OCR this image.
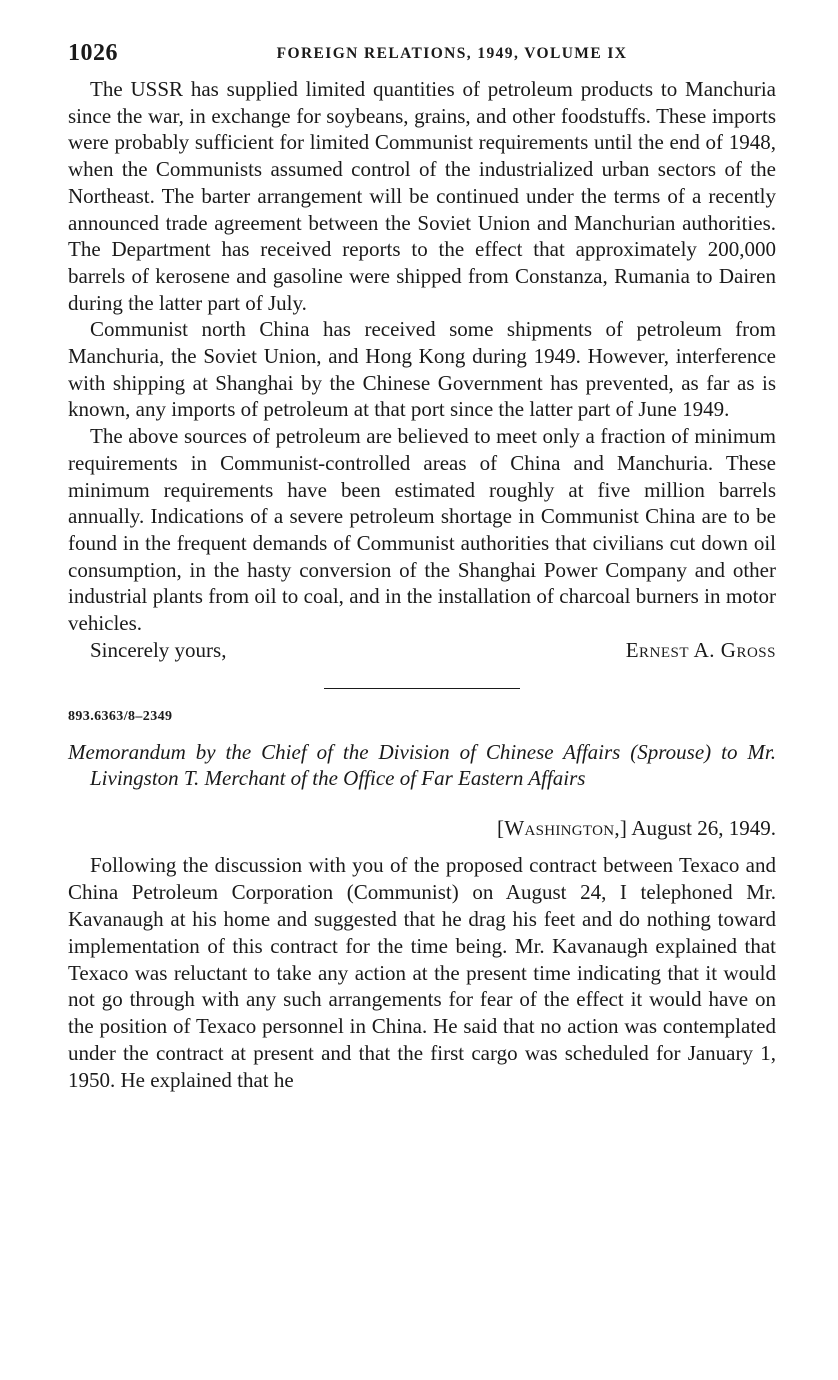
1026	FOREIGN RELATIONS, 1949, VOLUME IX

The USSR has supplied limited quantities of petroleum products to Manchuria since the war, in exchange for soybeans, grains, and other foodstuffs. These imports were probably sufficient for limited Communist requirements until the end of 1948, when the Communists assumed control of the industrialized urban sectors of the Northeast. The barter arrangement will be continued under the terms of a recently announced trade agreement between the Soviet Union and Manchurian authorities. The Department has received reports to the effect that approximately 200,000 barrels of kerosene and gasoline were shipped from Constanza, Rumania to Dairen during the latter part of July.

Communist north China has received some shipments of petroleum from Manchuria, the Soviet Union, and Hong Kong during 1949. However, interference with shipping at Shanghai by the Chinese Government has prevented, as far as is known, any imports of petroleum at that port since the latter part of June 1949.

The above sources of petroleum are believed to meet only a fraction of minimum requirements in Communist-controlled areas of China and Manchuria. These minimum requirements have been estimated roughly at five million barrels annually. Indications of a severe petroleum shortage in Communist China are to be found in the frequent demands of Communist authorities that civilians cut down oil consumption, in the hasty conversion of the Shanghai Power Company and other industrial plants from oil to coal, and in the installation of charcoal burners in motor vehicles.

Sincerely yours,	Ernest A. Gross
893.6363/8–2349

Memorandum by the Chief of the Division of Chinese Affairs (Sprouse) to Mr. Livingston T. Merchant of the Office of Far Eastern Affairs

[Washington,] August 26, 1949.

Following the discussion with you of the proposed contract between Texaco and China Petroleum Corporation (Communist) on August 24, I telephoned Mr. Kavanaugh at his home and suggested that he drag his feet and do nothing toward implementation of this contract for the time being. Mr. Kavanaugh explained that Texaco was reluctant to take any action at the present time indicating that it would not go through with any such arrangements for fear of the effect it would have on the position of Texaco personnel in China. He said that no action was contemplated under the contract at present and that the first cargo was scheduled for January 1, 1950. He explained that he
